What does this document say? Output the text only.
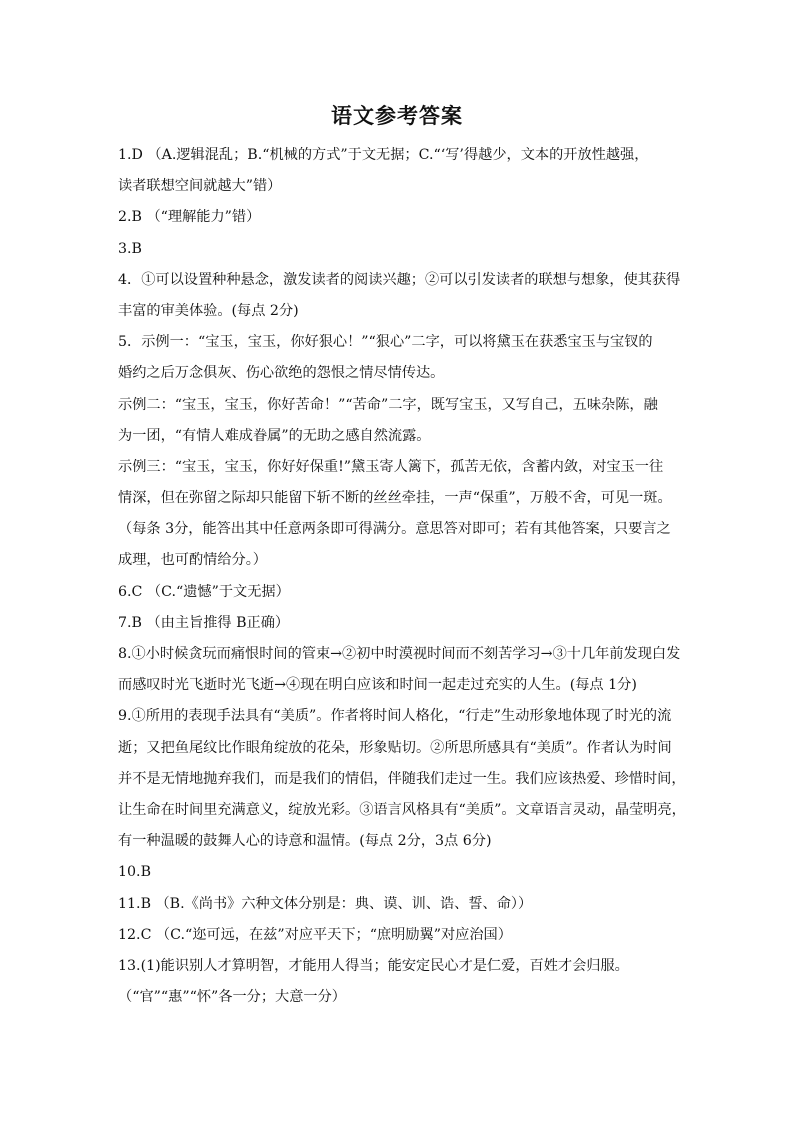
语文参考答案
1.D （A.逻辑混乱；B.“机械的方式”于文无据；C.“‘写’得越少，文本的开放性越强，
读者联想空间就越大”错）
2.B （“理解能力”错）
3.B
4．①可以设置种种悬念，激发读者的阅读兴趣；②可以引发读者的联想与想象，使其获得
丰富的审美体验。(每点 2分)
5．示例一：“宝玉，宝玉，你好狠心！”“狠心”二字，可以将黛玉在获悉宝玉与宝钗的
婚约之后万念俱灰、伤心欲绝的怨恨之情尽情传达。
示例二：“宝玉，宝玉，你好苦命！”“苦命”二字，既写宝玉，又写自己，五味杂陈，融
为一团，“有情人难成眷属”的无助之感自然流露。
示例三：“宝玉，宝玉，你好好保重!”黛玉寄人篱下，孤苦无依，含蓄内敛，对宝玉一往
情深，但在弥留之际却只能留下斩不断的丝丝牵挂，一声“保重”，万般不舍，可见一斑。
（每条 3分，能答出其中任意两条即可得满分。意思答对即可；若有其他答案，只要言之
成理，也可酌情给分。）
6.C （C.“遗憾”于文无据）
7.B （由主旨推得 B正确）
8.①小时候贪玩而痛恨时间的管束→②初中时漠视时间而不刻苦学习→③十几年前发现白发
而感叹时光飞逝时光飞逝→④现在明白应该和时间一起走过充实的人生。(每点 1分)
9.①所用的表现手法具有“美质”。作者将时间人格化，“行走”生动形象地体现了时光的流
逝；又把鱼尾纹比作眼角绽放的花朵，形象贴切。②所思所感具有“美质”。作者认为时间
并不是无情地抛弃我们，而是我们的情侣，伴随我们走过一生。我们应该热爱、珍惜时间，
让生命在时间里充满意义，绽放光彩。③语言风格具有“美质”。文章语言灵动，晶莹明亮，
有一种温暖的鼓舞人心的诗意和温情。(每点 2分，3点 6分)
10.B
11.B （B.《尚书》六种文体分别是：典、谟、训、诰、誓、命））
12.C （C.“迩可远，在兹”对应平天下；“庶明励翼”对应治国）
13.(1)能识别人才算明智，才能用人得当；能安定民心才是仁爱，百姓才会归服。
（“官”“惠”“怀”各一分；大意一分）
